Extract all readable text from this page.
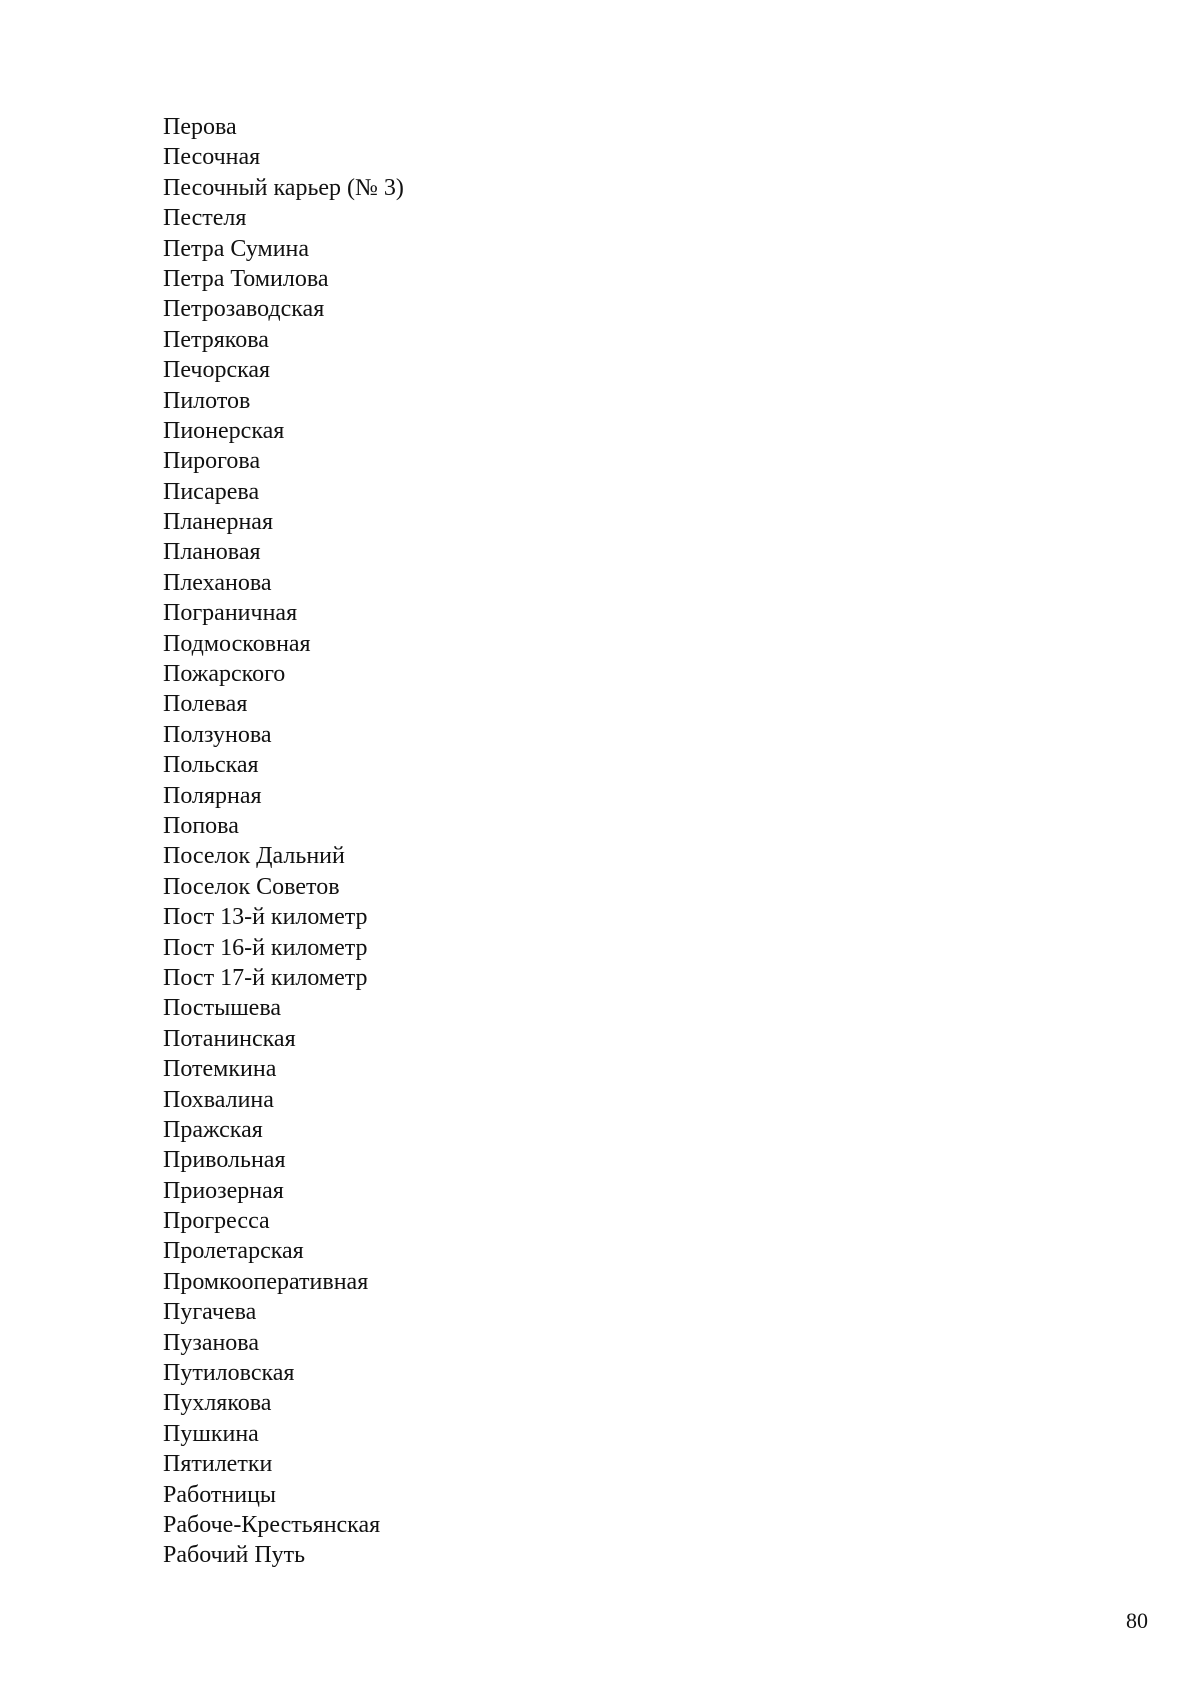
Перова
Песочная
Песочный карьер (№ 3)
Пестеля
Петра Сумина
Петра Томилова
Петрозаводская
Петрякова
Печорская
Пилотов
Пионерская
Пирогова
Писарева
Планерная
Плановая
Плеханова
Пограничная
Подмосковная
Пожарского
Полевая
Ползунова
Польская
Полярная
Попова
Поселок Дальний
Поселок Советов
Пост 13-й километр
Пост 16-й километр
Пост 17-й километр
Постышева
Потанинская
Потемкина
Похвалина
Пражская
Привольная
Приозерная
Прогресса
Пролетарская
Промкооперативная
Пугачева
Пузанова
Путиловская
Пухлякова
Пушкина
Пятилетки
Работницы
Рабоче-Крестьянская
Рабочий Путь
80
